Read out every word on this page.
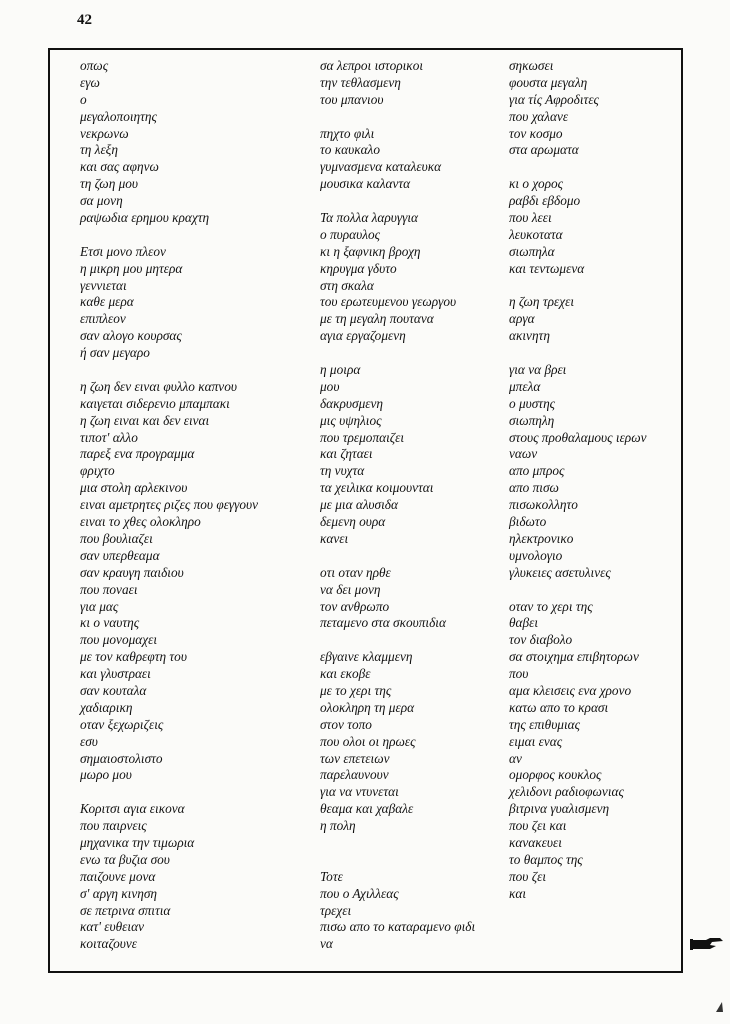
42
οπως
εγω
ο
μεγαλοποιητης
νεκρωνω
τη λεξη
και σας αφηνω
τη ζωη μου
σα μονη
ραψωδια ερημου κραχτη
Ετσι μονο πλεον
η μικρη μου μητερα
γεννιεται
καθε μερα
επιπλεον
σαν αλογο κουρσας
ή σαν μεγαρο
η ζωη δεν ειναι φυλλο καπνου
καιγεται σιδερενιο μπαμπακι
η ζωη ειναι και δεν ειναι
τιποτ' αλλο
παρεξ ενα προγραμμα
φριχτο
μια στολη αρλεκινου
ειναι αμετρητες ριζες που φεγγουν
ειναι το χθες ολοκληρο
που βουλιαζει
σαν υπερθεαμα
σαν κραυγη παιδιου
που πονaει
για μας
κι ο ναυτης
που μονομαχει
με τον καθρεφτη του
και γλυστραει
σαν κουταλα
χαδιαρικη
οταν ξεχωριζεις
εσυ
σημαιοστολιστο
μωρο μου
Κοριτσι αγια εικονα
που παιρνεις
μηχανικα την τιμωρια
ενω τα βυζια σου
παιζουνε μονα
σ' αργη κινηση
σε πετρινα σπιτια
κατ' ευθειαν
κοιταζουνε
σα λεπροι ιστορικοι
την τεθλασμενη
του μπανιου
πηχτο φιλι
το καυκαλο
γυμνασμενα καταλευκα
μουσικα καλαντα
Τα πολλα λαρυγγια
ο πυραυλος
κι η ξαφνικη βροχη
κηρυγμα γδυτο
στη σκαλα
του ερωτευμενου γεωργου
με τη μεγαλη πουτανα
αγια εργαζομενη
η μοιρα
μου
δακρυσμενη
μις υψηλιος
που τρεμοπαιζει
και ζηταει
τη νυχτα
τα χειλικα κοιμουνται
με μια αλυσιδα
δεμενη ουρα
κανει
οτι οταν ηρθε
να δει μονη
τον ανθρωπο
πεταμενο στα σκουπιδια
εβγαινε κλαμμενη
και εκοβε
με το χερι της
ολοκληρη τη μερα
στον τοπο
που ολοι οι ηρωες
των επετειων
παρελαυνουν
για να ντυνεται
θεαμα και χαβαλε
η πολη
Τοτε
που ο Αχιλλεας
τρεχει
πισω απο το καταραμενο φιδι
να
σηκωσει
φουστα μεγαλη
για τίς Αφροδιτες
που χαλανε
τον κοσμο
στα αρωματα
κι ο χορος
ραβδι εβδομο
που λεει
λευκοτατα
σιωπηλα
και τεντωμενα
η ζωη τρεχει
αργα
ακινητη
για να βρει
μπελα
ο μυστης
σιωπηλη
στους προθαλαμους ιερων
ναων
απο μπρος
απο πισω
πισωκολλητο
βιδωτο
ηλεκτρονικο
υμνολογιο
γλυκειες ασετυλινες
οταν το χερι της
θαβει
τον διαβολο
σα στοιχημα επιβητορων
που
αμα κλεισεις ενα χρονο
κατω απο το κρασι
της επιθυμιας
ειμαι ενας
αν
ομορφος κουκλος
χελιδονι ραδιοφωνιας
βιτρινα γυαλισμενη
που ζει και
κανακευει
το θαμπος της
που ζει
και
